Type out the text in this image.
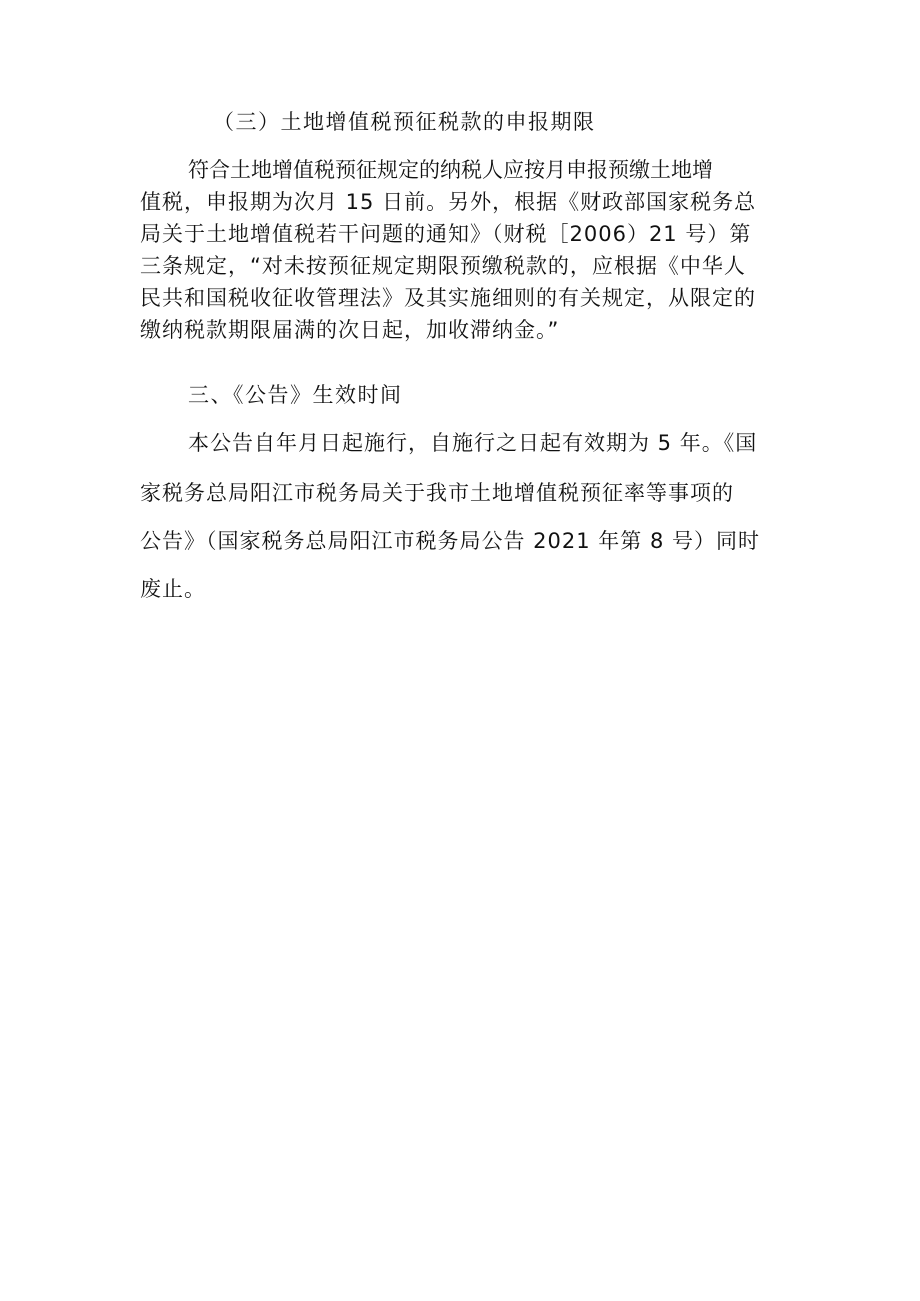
（三）土地增值税预征税款的申报期限
符合土地增值税预征规定的纳税人应按月申报预缴土地增
值税，申报期为次月 15 日前。另外，根据《财政部国家税务总
局关于土地增值税若干问题的通知》（财税［2006）21 号）第
三条规定，“对未按预征规定期限预缴税款的，应根据《中华人
民共和国税收征收管理法》及其实施细则的有关规定，从限定的
缴纳税款期限届满的次日起，加收滞纳金。”
三、《公告》生效时间
本公告自年月日起施行，自施行之日起有效期为 5 年。《国
家税务总局阳江市税务局关于我市土地增值税预征率等事项的
公告》（国家税务总局阳江市税务局公告 2021 年第 8 号）同时
废止。
